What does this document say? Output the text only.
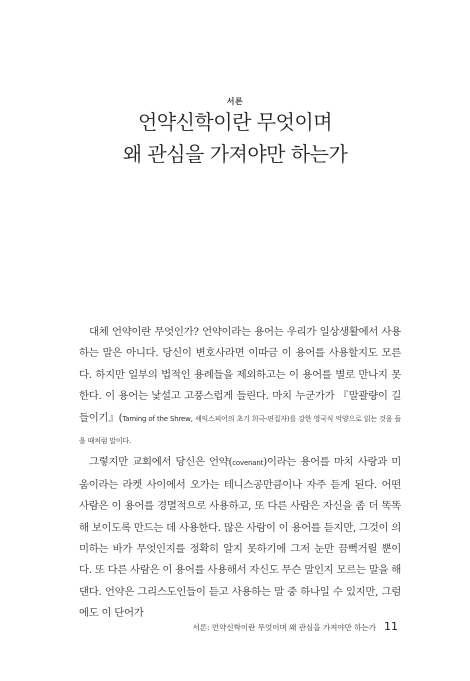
서론
언약신학이란 무엇이며
왜 관심을 가져야만 하는가

대체 언약이란 무엇인가? 언약이라는 용어는 우리가 일상생활에서 사용하는 말은 아니다. 당신이 변호사라면 이따금 이 용어를 사용할지도 모른다. 하지만 일부의 법적인 용례들을 제외하고는 이 용어를 별로 만나지 못한다. 이 용어는 낯설고 고풍스럽게 들린다. 마치 누군가가 『말괄량이 길들이기』(Taming of the Shrew, 셰익스피어의 초기 희극-편집자)를 강한 영국식 억양으로 읽는 것을 들을 때처럼 말이다.

그렇지만 교회에서 당신은 언약(covenant)이라는 용어를 마치 사랑과 미움이라는 라켓 사이에서 오가는 테니스공만큼이나 자주 듣게 된다. 어떤 사람은 이 용어를 경멸적으로 사용하고, 또 다른 사람은 자신을 좀 더 똑똑해 보이도록 만드는 데 사용한다. 많은 사람이 이 용어를 듣지만, 그것이 의미하는 바가 무엇인지를 정확히 알지 못하기에 그저 눈만 끔뻑거릴 뿐이다. 또 다른 사람은 이 용어를 사용해서 자신도 무슨 말인지 모르는 말을 해댄다. 언약은 그리스도인들이 듣고 사용하는 말 중 하나일 수 있지만, 그럼에도 이 단어가

서론: 언약신학이란 무엇이며 왜 관심을 가져야만 하는가 11
